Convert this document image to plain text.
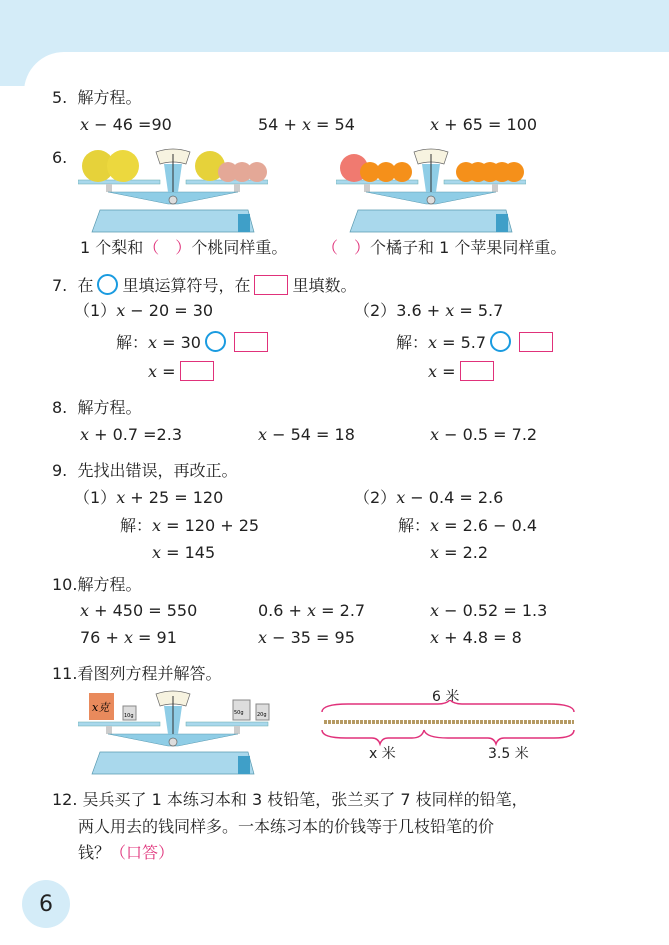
5. 解方程。
x − 46 =90	54 + x = 54	x + 65 = 100
6.
1 个梨和（　）个桃同样重。 （　）个橘子和 1 个苹果同样重。
7. 在 里填运算符号，在	里填数。
（1）x − 20 = 30
解：x = 30
x =
（2）3.6 + x = 5.7
解：x = 5.7
x =
8. 解方程。
x + 0.7 =2.3	x − 54 = 18	x − 0.5 = 7.2
9. 先找出错误，再改正。
（1）x + 25 = 120
解：x = 120 + 25
x = 145
（2）x − 0.4 = 2.6
解：x = 2.6 − 0.4
x = 2.2
10.解方程。
x + 450 = 550	0.6 + x = 2.7	x − 0.52 = 1.3
76 + x = 91	x − 35 = 95	x + 4.8 = 8
11.看图列方程并解答。
x克
10g	50g	20g
6 米
x 米	3.5 米
12. 吴兵买了 1 本练习本和 3 枝铅笔，张兰买了 7 枝同样的铅笔，
两人用去的钱同样多。一本练习本的价钱等于几枝铅笔的价
钱？（口答）
6
